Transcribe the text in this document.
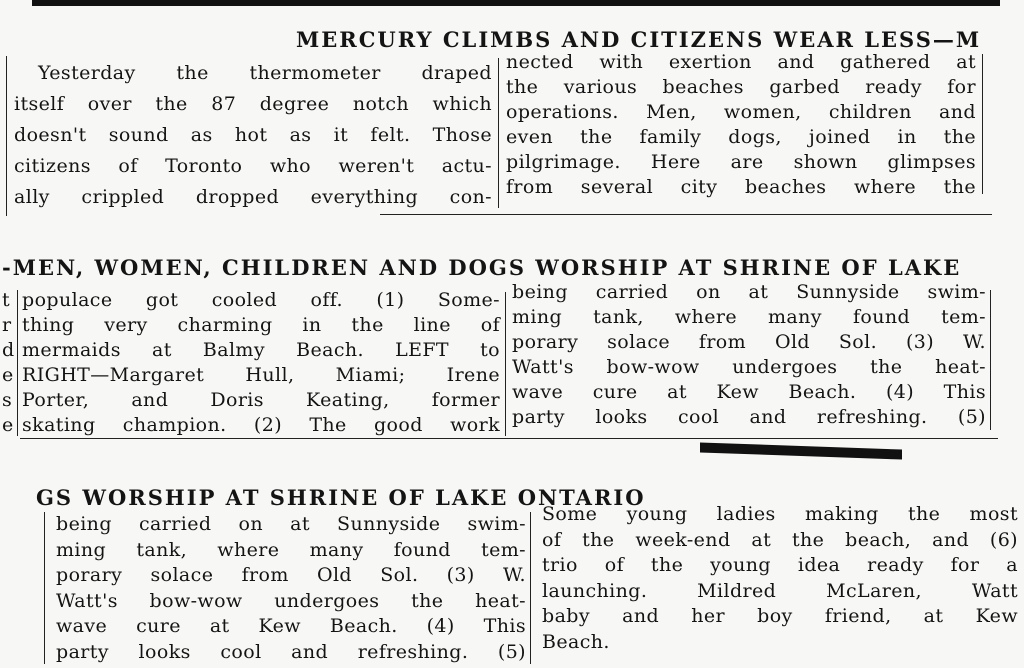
MERCURY CLIMBS AND CITIZENS WEAR LESS—M
Yesterday the thermometer draped
itself over the 87 degree notch which
doesn't sound as hot as it felt. Those
citizens of Toronto who weren't actu-
ally crippled dropped everything con-
nected with exertion and gathered at
the various beaches garbed ready for
operations. Men, women, children and
even the family dogs, joined in the
pilgrimage. Here are shown glimpses
from several city beaches where the
-MEN, WOMEN, CHILDREN AND DOGS WORSHIP AT SHRINE OF LAKE
t
r
d
e
s
e
populace got cooled off. (1) Some-
thing very charming in the line of
mermaids at Balmy Beach. LEFT to
RIGHT—Margaret Hull, Miami; Irene
Porter, and Doris Keating, former
skating champion. (2) The good work
being carried on at Sunnyside swim-
ming tank, where many found tem-
porary solace from Old Sol. (3) W.
Watt's bow-wow undergoes the heat-
wave cure at Kew Beach. (4) This
party looks cool and refreshing. (5)
GS WORSHIP AT SHRINE OF LAKE ONTARIO
being carried on at Sunnyside swim-
ming tank, where many found tem-
porary solace from Old Sol. (3) W.
Watt's bow-wow undergoes the heat-
wave cure at Kew Beach. (4) This
party looks cool and refreshing. (5)
Some young ladies making the most
of the week-end at the beach, and (6)
trio of the young idea ready for a
launching. Mildred McLaren, Watt
baby and her boy friend, at Kew
Beach.
